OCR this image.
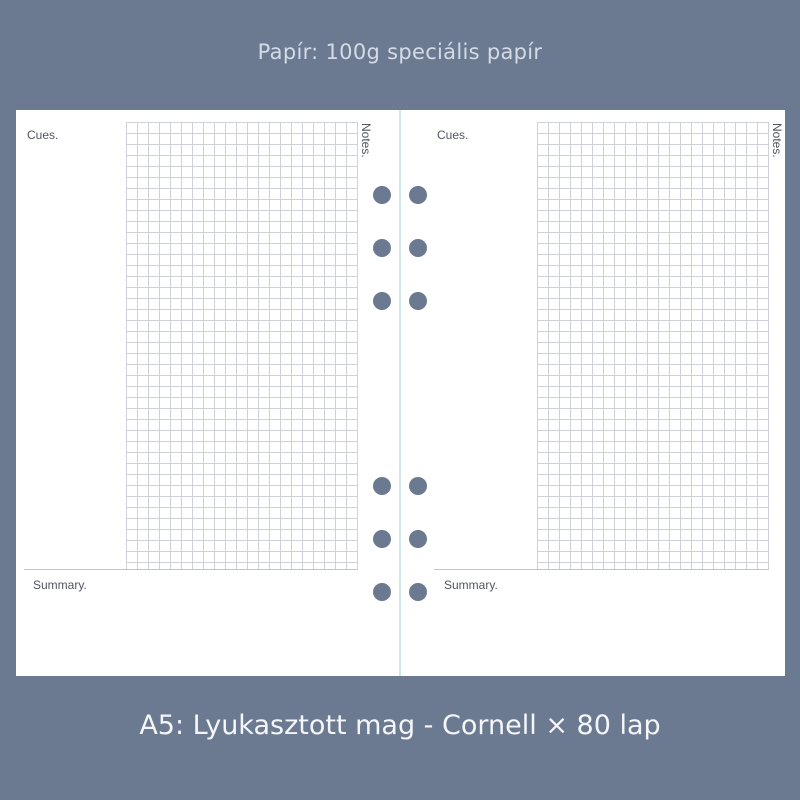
Papír: 100g speciális papír
Cues.	Notes.
Summary.
Cues.	Notes.
Summary.
A5: Lyukasztott mag - Cornell × 80 lap
